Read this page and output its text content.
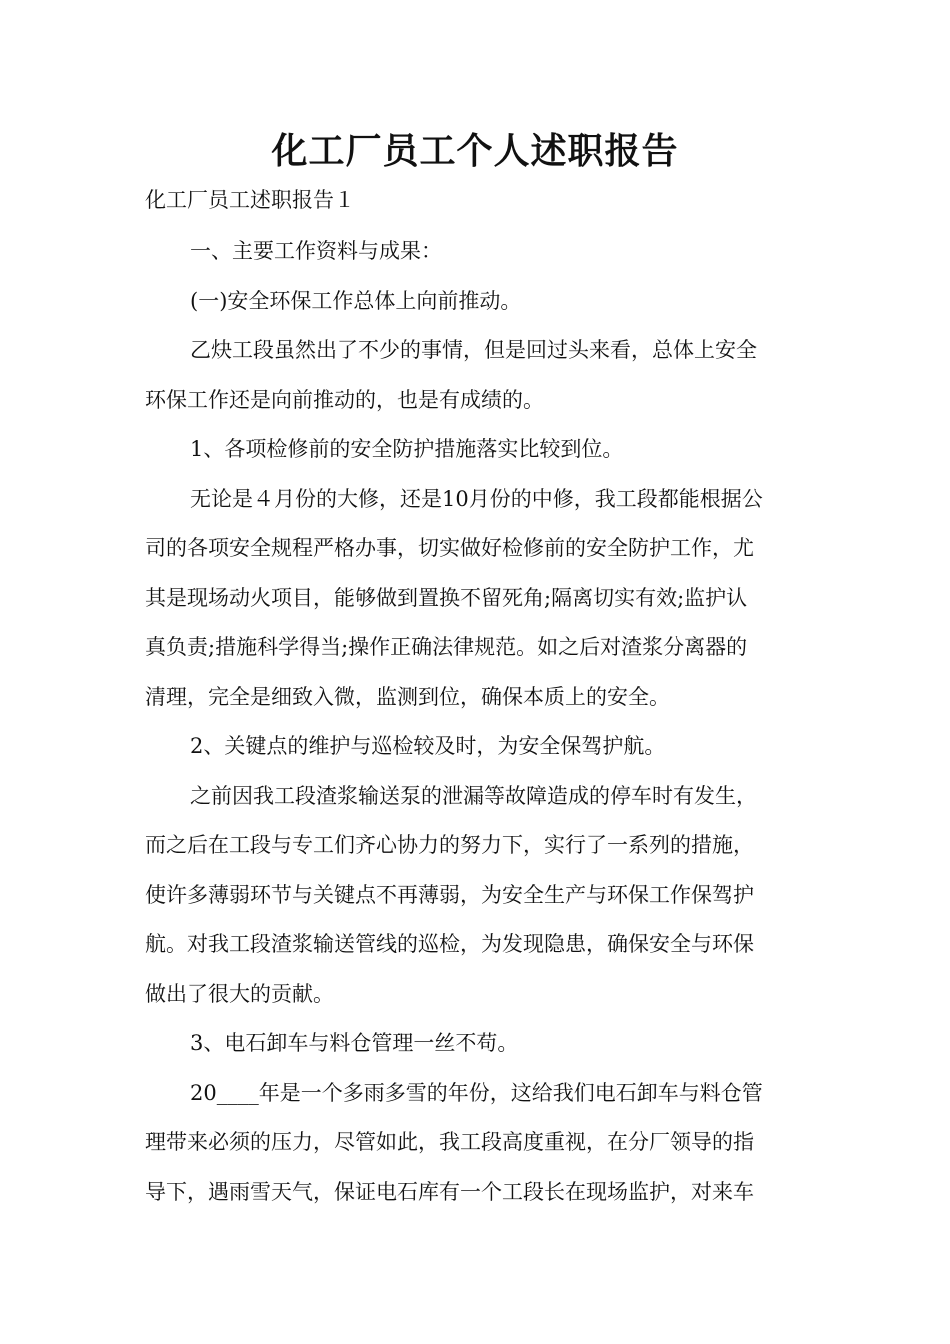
化工厂员工个人述职报告
化工厂员工述职报告１
一、主要工作资料与成果：
(一)安全环保工作总体上向前推动。
乙炔工段虽然出了不少的事情，但是回过头来看，总体上安全
环保工作还是向前推动的，也是有成绩的。
1、各项检修前的安全防护措施落实比较到位。
无论是４月份的大修，还是10月份的中修，我工段都能根据公
司的各项安全规程严格办事，切实做好检修前的安全防护工作，尤
其是现场动火项目，能够做到置换不留死角;隔离切实有效;监护认
真负责;措施科学得当;操作正确法律规范。如之后对渣浆分离器的
清理，完全是细致入微，监测到位，确保本质上的安全。
2、关键点的维护与巡检较及时，为安全保驾护航。
之前因我工段渣浆输送泵的泄漏等故障造成的停车时有发生，
而之后在工段与专工们齐心协力的努力下，实行了一系列的措施，
使许多薄弱环节与关键点不再薄弱，为安全生产与环保工作保驾护
航。对我工段渣浆输送管线的巡检，为发现隐患，确保安全与环保
做出了很大的贡献。
3、电石卸车与料仓管理一丝不苟。
20____年是一个多雨多雪的年份，这给我们电石卸车与料仓管
理带来必须的压力，尽管如此，我工段高度重视，在分厂领导的指
导下，遇雨雪天气，保证电石库有一个工段长在现场监护，对来车
